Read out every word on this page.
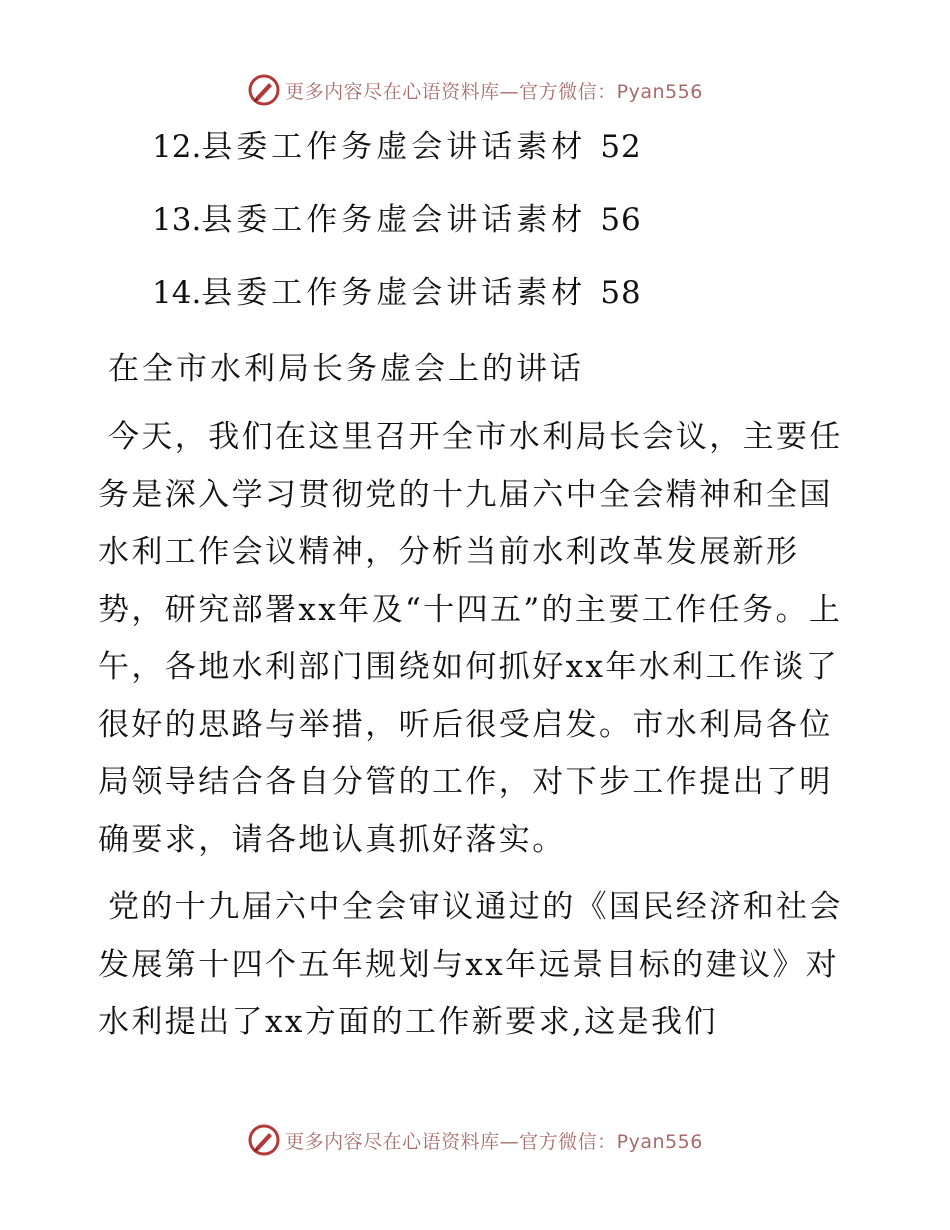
更多内容尽在心语资料库—官方微信：Pyan556
12.县委工作务虚会讲话素材 52
13.县委工作务虚会讲话素材 56
14.县委工作务虚会讲话素材 58

在全市水利局长务虚会上的讲话

今天，我们在这里召开全市水利局长会议，主要任务是深入学习贯彻党的十九届六中全会精神和全国水利工作会议精神，分析当前水利改革发展新形势，研究部署xx年及“十四五”的主要工作任务。上午，各地水利部门围绕如何抓好xx年水利工作谈了很好的思路与举措，听后很受启发。市水利局各位局领导结合各自分管的工作，对下步工作提出了明确要求，请各地认真抓好落实。

党的十九届六中全会审议通过的《国民经济和社会发展第十四个五年规划与xx年远景目标的建议》对水利提出了xx方面的工作新要求,这是我们

更多内容尽在心语资料库—官方微信：Pyan556
